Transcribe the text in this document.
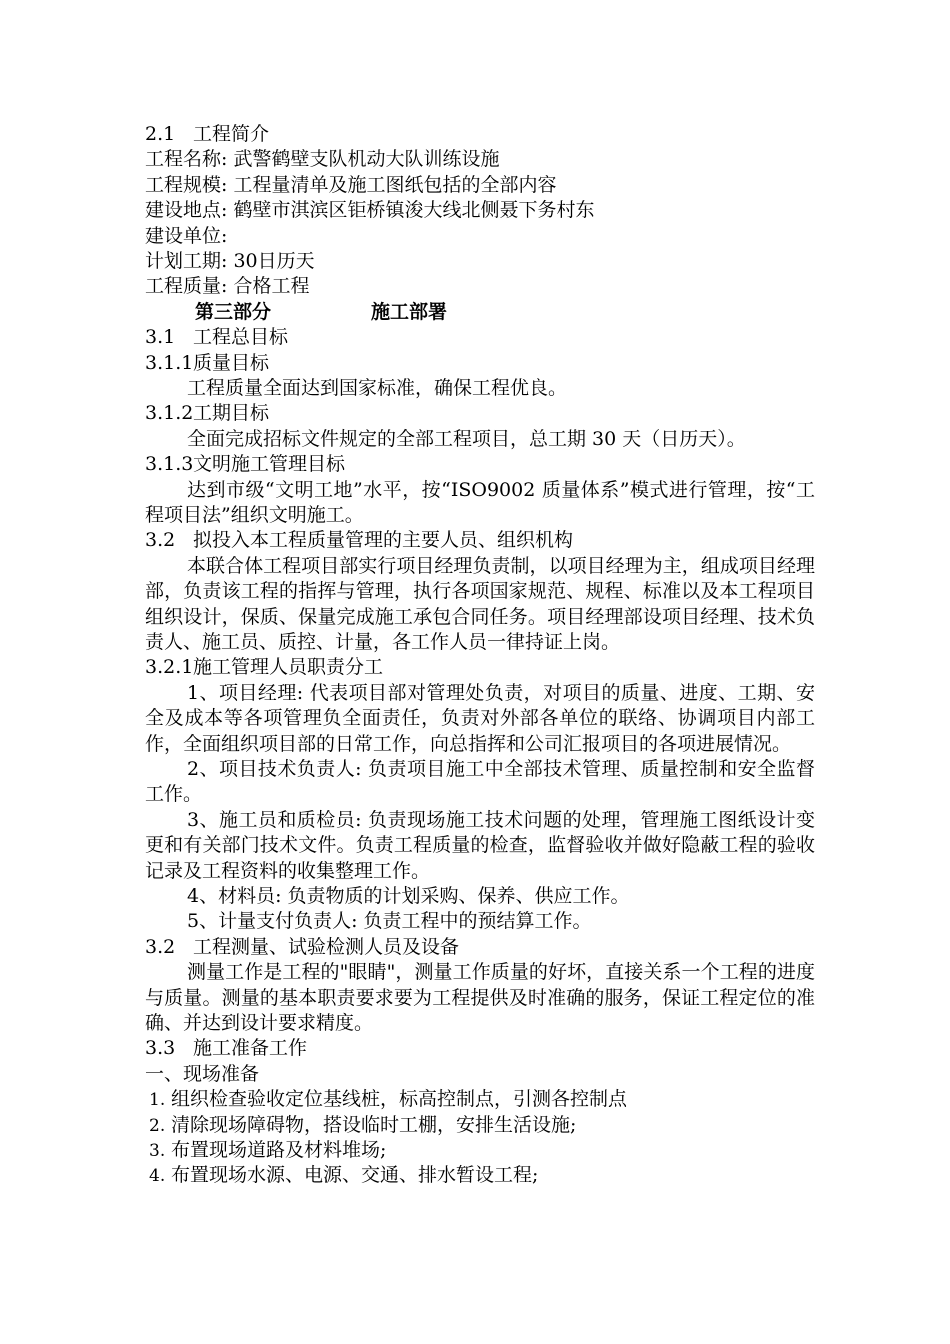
2.1 工程简介
工程名称: 武警鹤壁支队机动大队训练设施
工程规模: 工程量清单及施工图纸包括的全部内容
建设地点: 鹤壁市淇滨区钜桥镇浚大线北侧聂下务村东
建设单位:
计划工期: 30日历天
工程质量: 合格工程
第三部分	施工部署
3.1 工程总目标
3.1.1质量目标
工程质量全面达到国家标准，确保工程优良。
3.1.2工期目标
全面完成招标文件规定的全部工程项目，总工期 30 天（日历天）。
3.1.3文明施工管理目标
达到市级“文明工地”水平，按“ISO9002 质量体系”模式进行管理，按“工程项目法”组织文明施工。
3.2 拟投入本工程质量管理的主要人员、组织机构
本联合体工程项目部实行项目经理负责制，以项目经理为主，组成项目经理部，负责该工程的指挥与管理，执行各项国家规范、规程、标准以及本工程项目组织设计，保质、保量完成施工承包合同任务。项目经理部设项目经理、技术负责人、施工员、质控、计量，各工作人员一律持证上岗。
3.2.1施工管理人员职责分工
1、项目经理: 代表项目部对管理处负责，对项目的质量、进度、工期、安全及成本等各项管理负全面责任，负责对外部各单位的联络、协调项目内部工作，全面组织项目部的日常工作，向总指挥和公司汇报项目的各项进展情况。
2、项目技术负责人: 负责项目施工中全部技术管理、质量控制和安全监督工作。
3、施工员和质检员: 负责现场施工技术问题的处理，管理施工图纸设计变更和有关部门技术文件。负责工程质量的检查，监督验收并做好隐蔽工程的验收记录及工程资料的收集整理工作。
4、材料员: 负责物质的计划采购、保养、供应工作。
5、计量支付负责人: 负责工程中的预结算工作。
3.2 工程测量、试验检测人员及设备
测量工作是工程的"眼睛"，测量工作质量的好坏，直接关系一个工程的进度与质量。测量的基本职责要求要为工程提供及时准确的服务，保证工程定位的准确、并达到设计要求精度。
3.3 施工准备工作
一、现场准备
1. 组织检查验收定位基线桩，标高控制点，引测各控制点
2. 清除现场障碍物，搭设临时工棚，安排生活设施;
3. 布置现场道路及材料堆场;
4. 布置现场水源、电源、交通、排水暂设工程;
